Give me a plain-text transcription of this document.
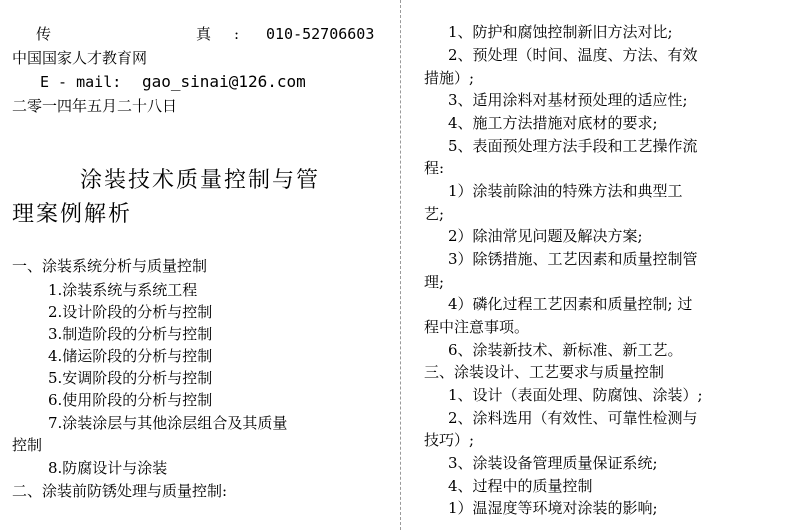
传	真 : 010-52706603
中国国家人才教育网
E - mail: gao_sinai@126.com
二零一四年五月二十八日
涂装技术质量控制与管
理案例解析
一、涂装系统分析与质量控制
1.涂装系统与系统工程
2.设计阶段的分析与控制
3.制造阶段的分析与控制
4.储运阶段的分析与控制
5.安调阶段的分析与控制
6.使用阶段的分析与控制
7.涂装涂层与其他涂层组合及其质量
控制
8.防腐设计与涂装
二、涂装前防锈处理与质量控制:
1、防护和腐蚀控制新旧方法对比;
2、预处理（时间、温度、方法、有效
措施）;
3、适用涂料对基材预处理的适应性;
4、施工方法措施对底材的要求;
5、表面预处理方法手段和工艺操作流
程:
1）涂装前除油的特殊方法和典型工
艺;
2）除油常见问题及解决方案;
3）除锈措施、工艺因素和质量控制管
理;
4）磷化过程工艺因素和质量控制; 过
程中注意事项。
6、涂装新技术、新标准、新工艺。
三、涂装设计、工艺要求与质量控制
1、设计（表面处理、防腐蚀、涂装）;
2、涂料选用（有效性、可靠性检测与
技巧）;
3、涂装设备管理质量保证系统;
4、过程中的质量控制
1）温湿度等环境对涂装的影响;
